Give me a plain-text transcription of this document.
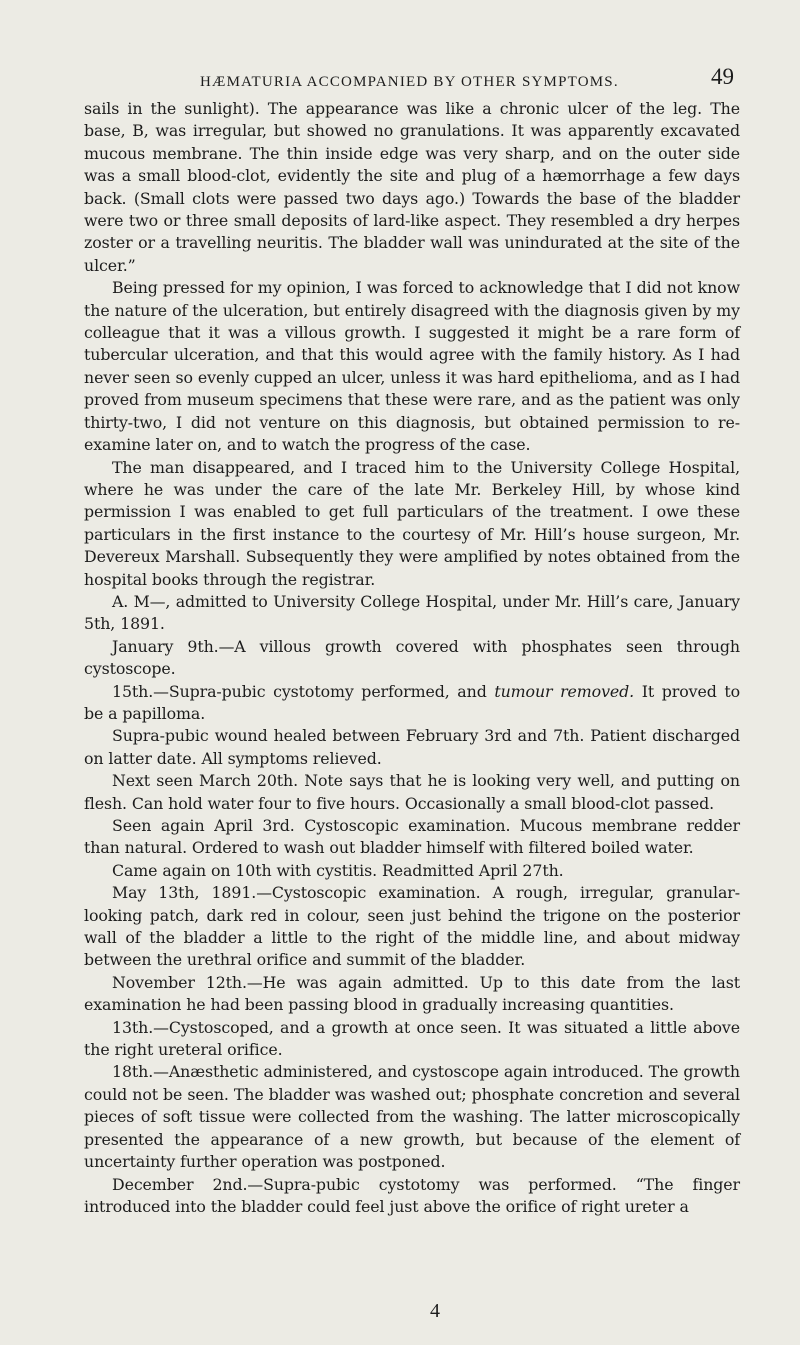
HÆMATURIA ACCOMPANIED BY OTHER SYMPTOMS.	49

sails in the sunlight). The appearance was like a chronic ulcer of the leg. The base, B, was irregular, but showed no granulations. It was apparently excavated mucous membrane. The thin inside edge was very sharp, and on the outer side was a small blood-clot, evidently the site and plug of a hæmorrhage a few days back. (Small clots were passed two days ago.) Towards the base of the bladder were two or three small deposits of lard-like aspect. They resembled a dry herpes zoster or a travelling neuritis. The bladder wall was unindurated at the site of the ulcer.”

Being pressed for my opinion, I was forced to acknowledge that I did not know the nature of the ulceration, but entirely disagreed with the diagnosis given by my colleague that it was a villous growth. I suggested it might be a rare form of tubercular ulceration, and that this would agree with the family history. As I had never seen so evenly cupped an ulcer, unless it was hard epithelioma, and as I had proved from museum specimens that these were rare, and as the patient was only thirty-two, I did not venture on this diagnosis, but obtained permission to re-examine later on, and to watch the progress of the case.

The man disappeared, and I traced him to the University College Hospital, where he was under the care of the late Mr. Berkeley Hill, by whose kind permission I was enabled to get full particulars of the treatment. I owe these particulars in the first instance to the courtesy of Mr. Hill’s house surgeon, Mr. Devereux Marshall. Subsequently they were amplified by notes obtained from the hospital books through the registrar.

A. M—, admitted to University College Hospital, under Mr. Hill’s care, January 5th, 1891.

January 9th.—A villous growth covered with phosphates seen through cystoscope.

15th.—Supra-pubic cystotomy performed, and tumour removed. It proved to be a papilloma.

Supra-pubic wound healed between February 3rd and 7th. Patient discharged on latter date. All symptoms relieved.

Next seen March 20th. Note says that he is looking very well, and putting on flesh. Can hold water four to five hours. Occasionally a small blood-clot passed.

Seen again April 3rd. Cystoscopic examination. Mucous membrane redder than natural. Ordered to wash out bladder himself with filtered boiled water.

Came again on 10th with cystitis. Readmitted April 27th.

May 13th, 1891.—Cystoscopic examination. A rough, irregular, granular-looking patch, dark red in colour, seen just behind the trigone on the posterior wall of the bladder a little to the right of the middle line, and about midway between the urethral orifice and summit of the bladder.

November 12th.—He was again admitted. Up to this date from the last examination he had been passing blood in gradually increasing quantities.

13th.—Cystoscoped, and a growth at once seen. It was situated a little above the right ureteral orifice.

18th.—Anæsthetic administered, and cystoscope again introduced. The growth could not be seen. The bladder was washed out; phosphate concretion and several pieces of soft tissue were collected from the washing. The latter microscopically presented the appearance of a new growth, but because of the element of uncertainty further operation was postponed.

December 2nd.—Supra-pubic cystotomy was performed. “The finger introduced into the bladder could feel just above the orifice of right ureter a

4
